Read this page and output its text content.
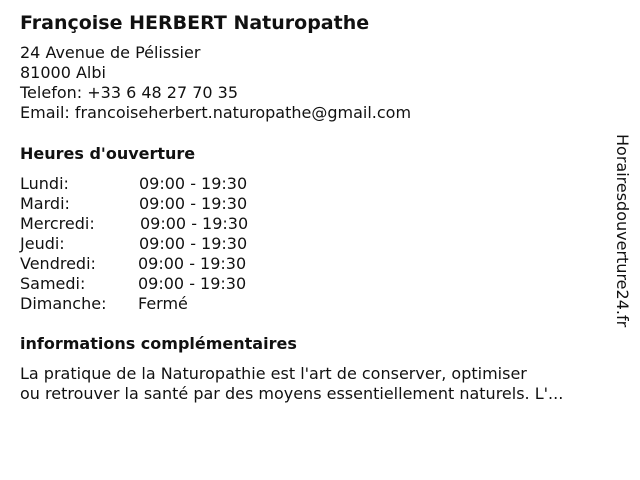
Françoise HERBERT Naturopathe
24 Avenue de Pélissier
81000 Albi
Telefon: +33 6 48 27 70 35
Email: francoiseherbert.naturopathe@gmail.com
Heures d'ouverture
Lundi:	09:00 - 19:30
Mardi:	09:00 - 19:30
Mercredi:	09:00 - 19:30
Jeudi:	09:00 - 19:30
Vendredi:	09:00 - 19:30
Samedi:	09:00 - 19:30
Dimanche: Fermé
informations complémentaires
La pratique de la Naturopathie est l'art de conserver, optimiser
ou retrouver la santé par des moyens essentiellement naturels. L'...
Horairesdouverture24.fr
